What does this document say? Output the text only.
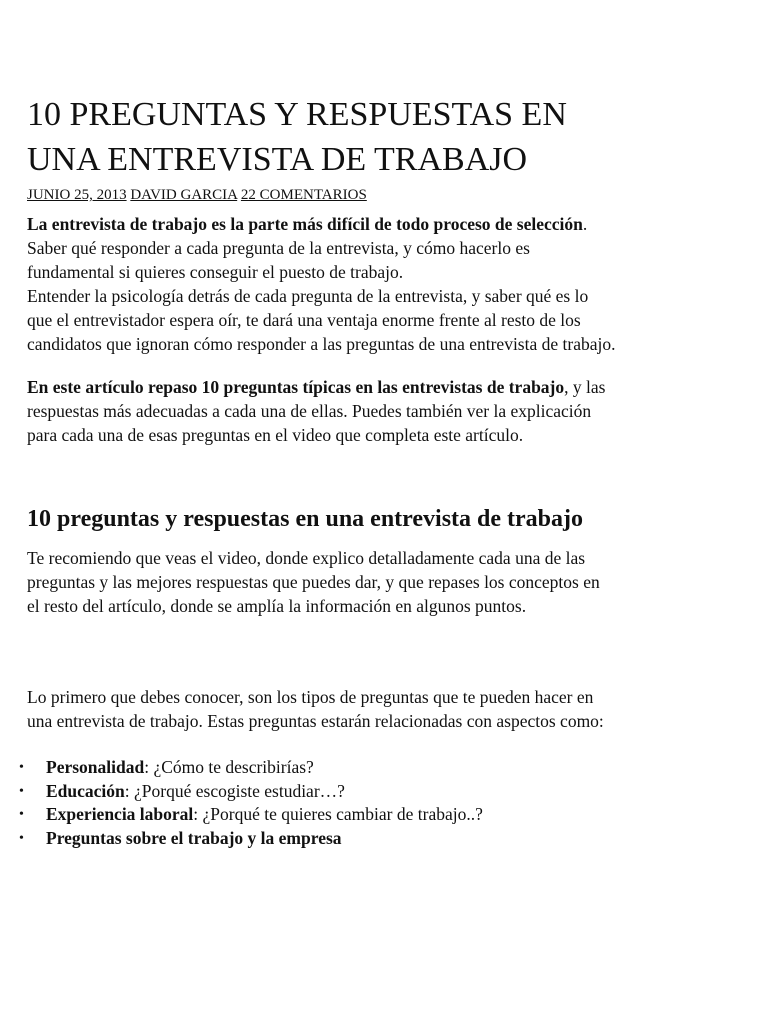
10 PREGUNTAS Y RESPUESTAS EN
UNA ENTREVISTA DE TRABAJO
JUNIO 25, 2013 DAVID GARCIA 22 COMENTARIOS

La entrevista de trabajo es la parte más difícil de todo proceso de selección.
Saber qué responder a cada pregunta de la entrevista, y cómo hacerlo es
fundamental si quieres conseguir el puesto de trabajo.
Entender la psicología detrás de cada pregunta de la entrevista, y saber qué es lo
que el entrevistador espera oír, te dará una ventaja enorme frente al resto de los
candidatos que ignoran cómo responder a las preguntas de una entrevista de trabajo.

En este artículo repaso 10 preguntas típicas en las entrevistas de trabajo, y las
respuestas más adecuadas a cada una de ellas. Puedes también ver la explicación
para cada una de esas preguntas en el video que completa este artículo.

10 preguntas y respuestas en una entrevista de trabajo

Te recomiendo que veas el video, donde explico detalladamente cada una de las
preguntas y las mejores respuestas que puedes dar, y que repases los conceptos en
el resto del artículo, donde se amplía la información en algunos puntos.

Lo primero que debes conocer, son los tipos de preguntas que te pueden hacer en
una entrevista de trabajo. Estas preguntas estarán relacionadas con aspectos como:

• Personalidad: ¿Cómo te describirías?
• Educación: ¿Porqué escogiste estudiar…?
• Experiencia laboral: ¿Porqué te quieres cambiar de trabajo..?
• Preguntas sobre el trabajo y la empresa
